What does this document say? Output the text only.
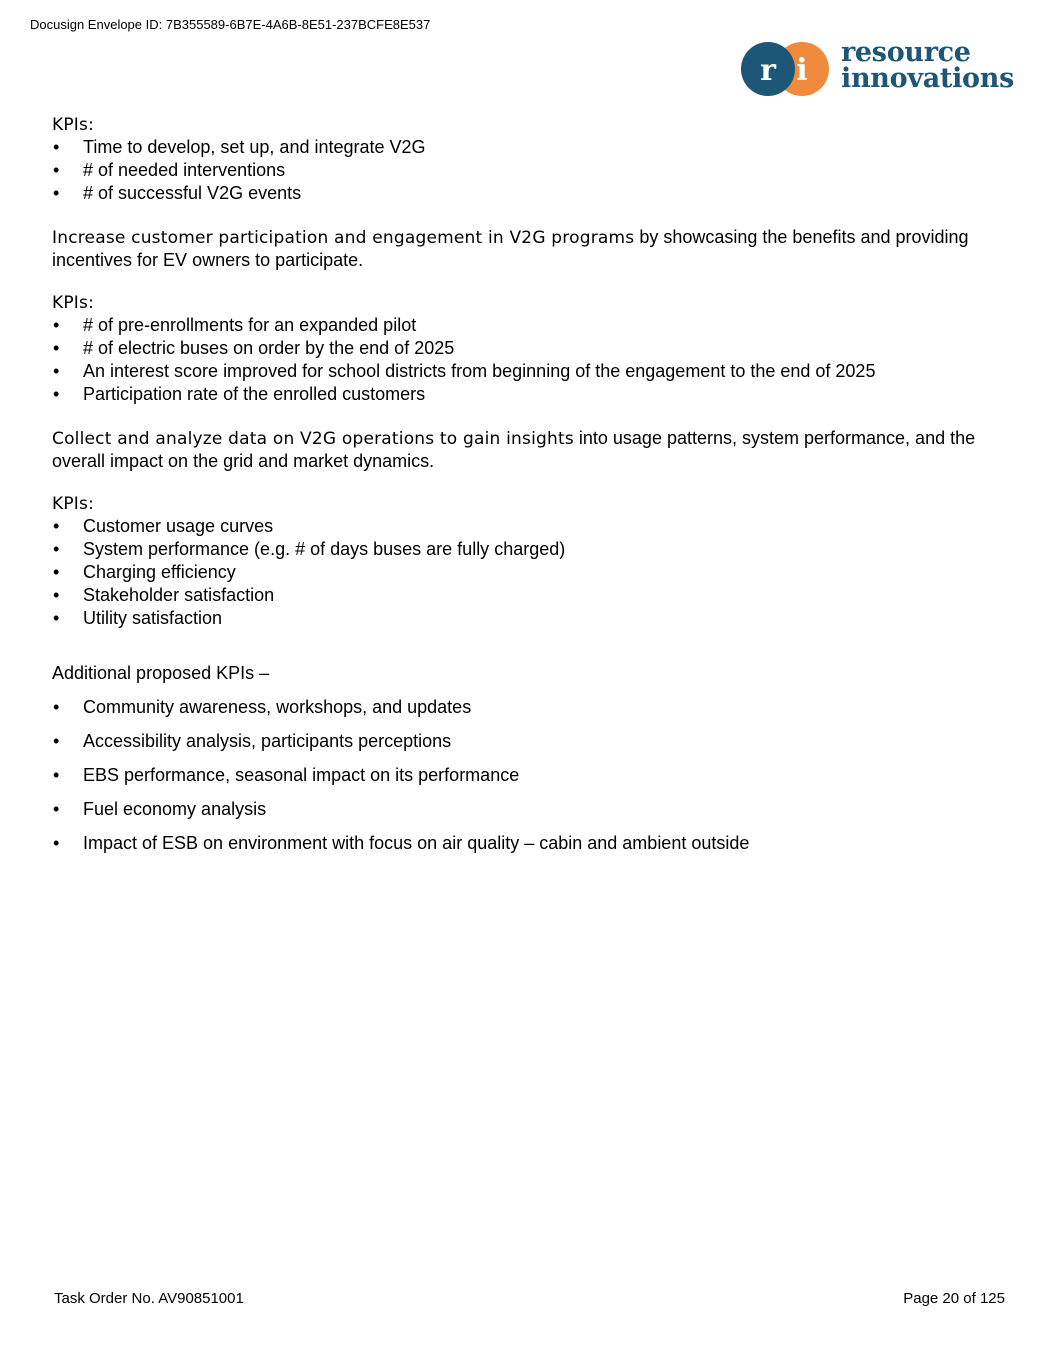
Docusign Envelope ID: 7B355589-6B7E-4A6B-8E51-237BCFE8E537
r i
resource
innovations

KPIs:

• Time to develop, set up, and integrate V2G
• # of needed interventions
• # of successful V2G events

Increase customer participation and engagement in V2G programs by showcasing the benefits and providing incentives for EV owners to participate.

KPIs:

• # of pre-enrollments for an expanded pilot
• # of electric buses on order by the end of 2025
• An interest score improved for school districts from beginning of the engagement to the end of 2025
• Participation rate of the enrolled customers

Collect and analyze data on V2G operations to gain insights into usage patterns, system performance, and the overall impact on the grid and market dynamics.

KPIs:

• Customer usage curves
• System performance (e.g. # of days buses are fully charged)
• Charging efficiency
• Stakeholder satisfaction
• Utility satisfaction

Additional proposed KPIs –

• Community awareness, workshops, and updates
• Accessibility analysis, participants perceptions
• EBS performance, seasonal impact on its performance
• Fuel economy analysis
• Impact of ESB on environment with focus on air quality – cabin and ambient outside
Task Order No. AV90851001	Page 20 of 125
